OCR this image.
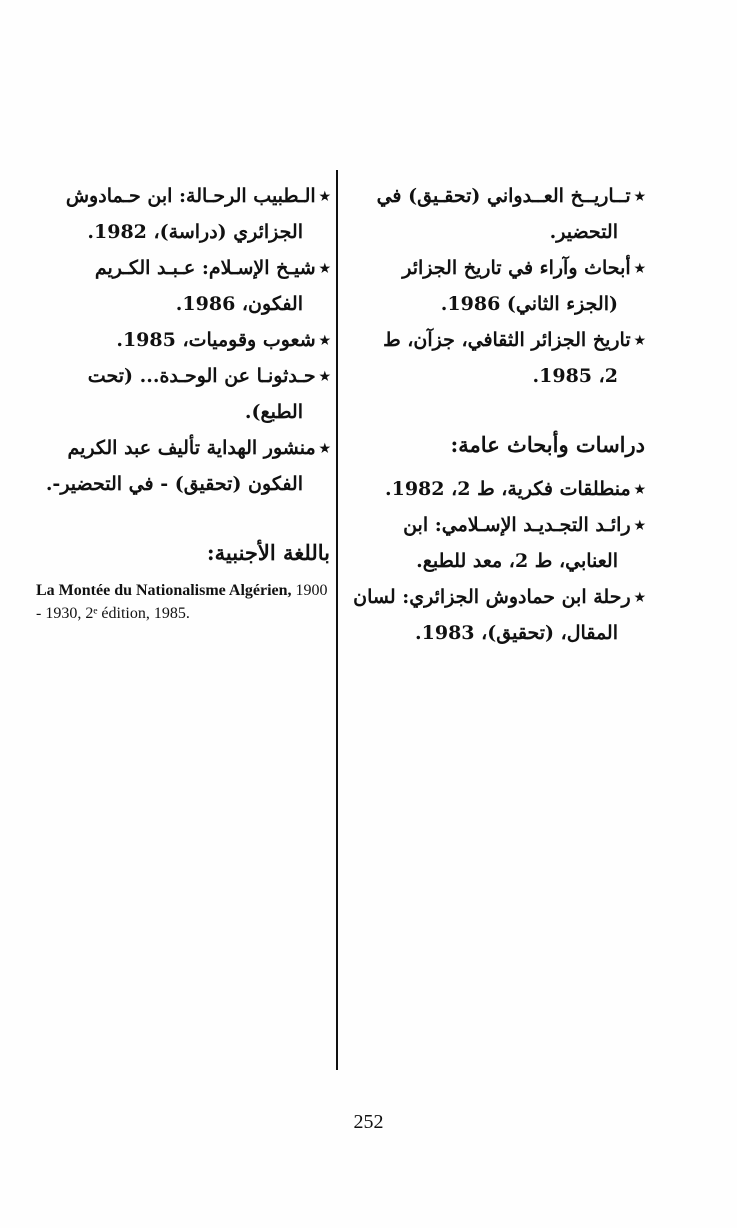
٭تــاريــخ العــدواني (تحقـيق) في
التحضير.
٭أبحاث وآراء في تاريخ الجزائر
(الجزء الثاني) 1986.
٭تاريخ الجزائر الثقافي، جزآن، ط
2، 1985.
دراسات وأبحاث عامة:
٭منطلقات فكرية، ط 2، 1982.
٭رائـد التجـديـد الإسـلامي: ابن
العنابي، ط 2، معد للطبع.
٭رحلة ابن حمادوش الجزائري: لسان
المقال، (تحقيق)، 1983.
٭الـطبيب الرحـالة: ابن حـمادوش
الجزائري (دراسة)، 1982.
٭شيـخ الإسـلام: عـبـد الكـريم
الفكون، 1986.
٭شعوب وقوميات، 1985.
٭حـدثونـا عن الوحـدة... (تحت
الطبع).
٭منشور الهداية تأليف عبد الكريم
الفكون (تحقيق) - في التحضير-.
باللغة الأجنبية:
La Montée du Nationalisme Algérien, 1900 - 1930, 2ᵉ édition, 1985.
252
